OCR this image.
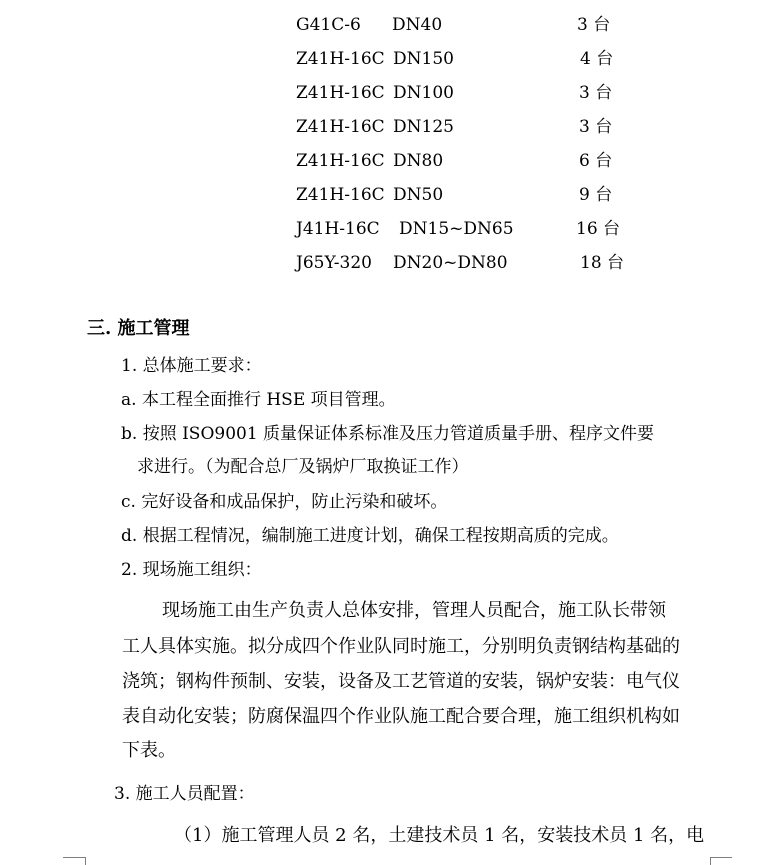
G41C-6 DN40	3 台
Z41H-16C DN150	4 台
Z41H-16C DN100	3 台
Z41H-16C DN125	3 台
Z41H-16C DN80	6 台
Z41H-16C DN50	9 台
J41H-16C DN15~DN65	16 台
J65Y-320 DN20~DN80	18 台
三. 施工管理
1. 总体施工要求：
a. 本工程全面推行 HSE 项目管理。
b. 按照 ISO9001 质量保证体系标准及压力管道质量手册、程序文件要
求进行。（为配合总厂及锅炉厂取换证工作）
c. 完好设备和成品保护，防止污染和破坏。
d. 根据工程情况，编制施工进度计划，确保工程按期高质的完成。
2. 现场施工组织：
现场施工由生产负责人总体安排，管理人员配合，施工队长带领
工人具体实施。拟分成四个作业队同时施工，分别明负责钢结构基础的
浇筑；钢构件预制、安装，设备及工艺管道的安装，锅炉安装：电气仪
表自动化安装；防腐保温四个作业队施工配合要合理，施工组织机构如
下表。
3. 施工人员配置：
（1）施工管理人员 2 名，土建技术员 1 名，安装技术员 1 名，电
